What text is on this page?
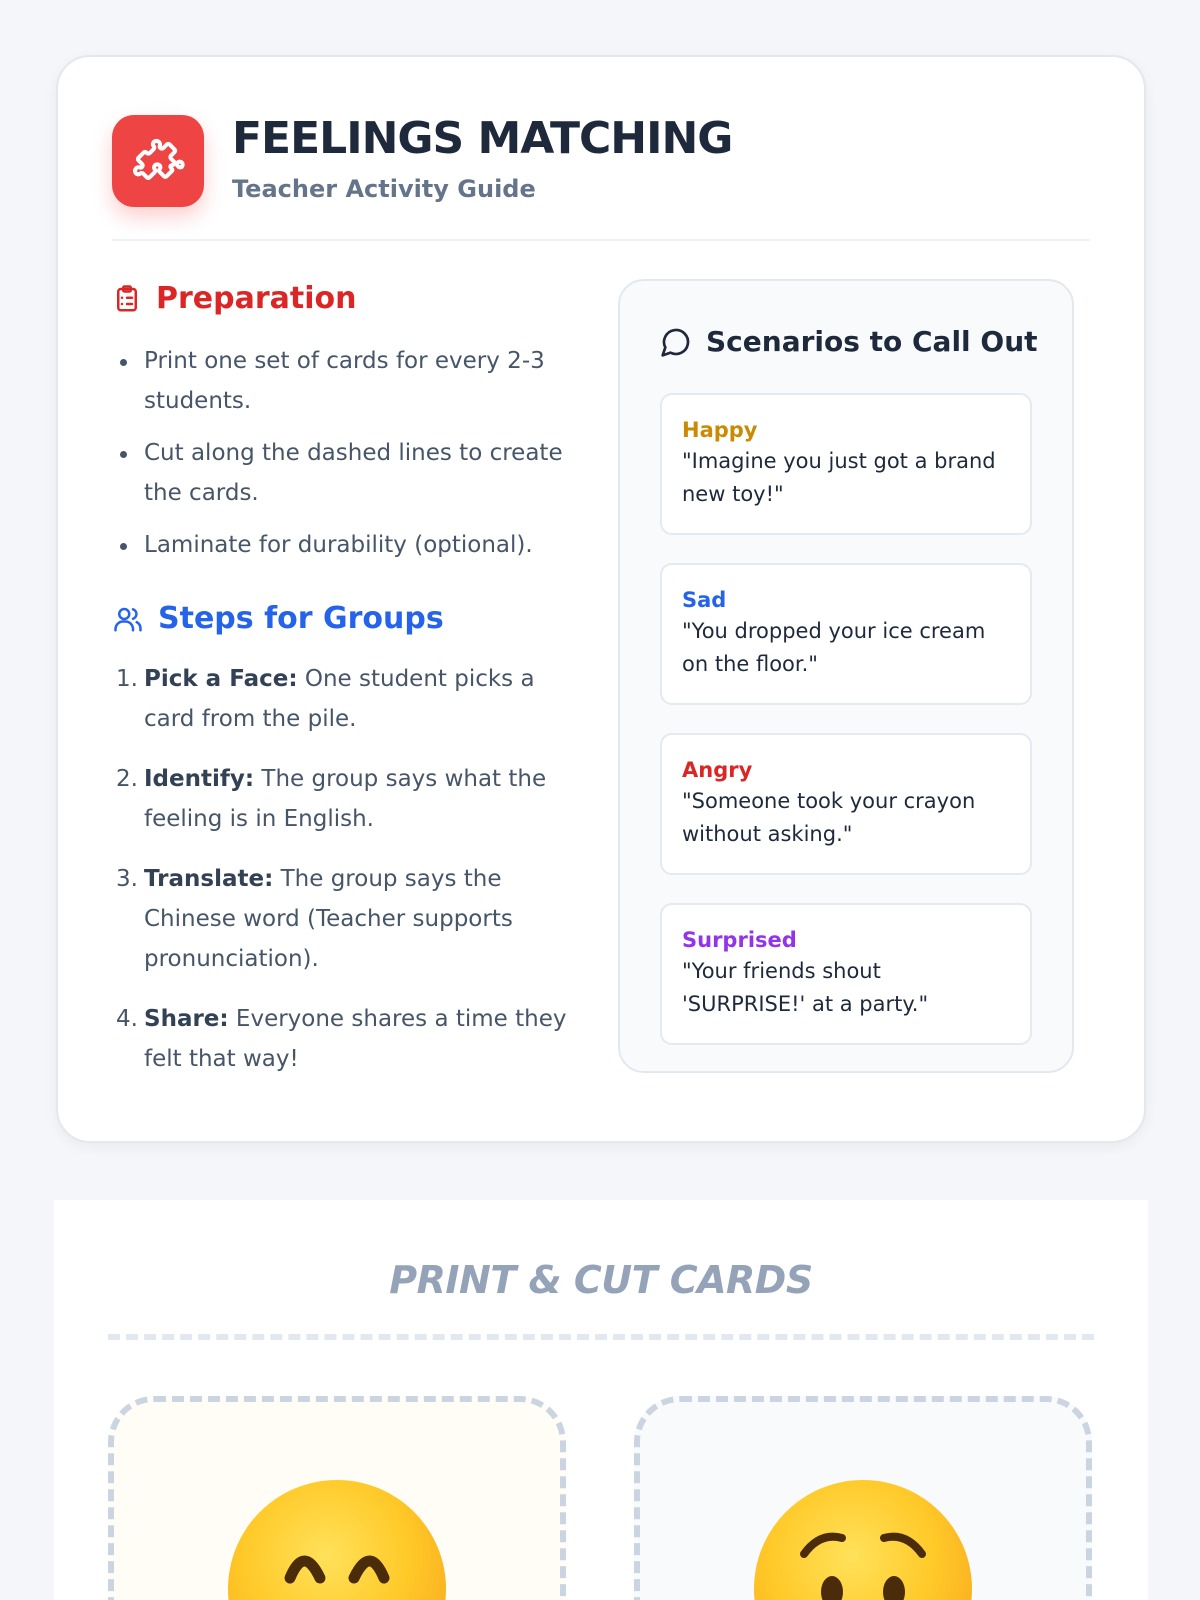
FEELINGS MATCHING
Teacher Activity Guide
Preparation
Print one set of cards for every 2-3 students.
Cut along the dashed lines to create the cards.
Laminate for durability (optional).
Steps for Groups
1. Pick a Face: One student picks a card from the pile.
2. Identify: The group says what the feeling is in English.
3. Translate: The group says the Chinese word (Teacher supports pronunciation).
4. Share: Everyone shares a time they felt that way!
Scenarios to Call Out
Happy
"Imagine you just got a brand new toy!"
Sad
"You dropped your ice cream on the floor."
Angry
"Someone took your crayon without asking."
Surprised
"Your friends shout 'SURPRISE!' at a party."
PRINT & CUT CARDS
